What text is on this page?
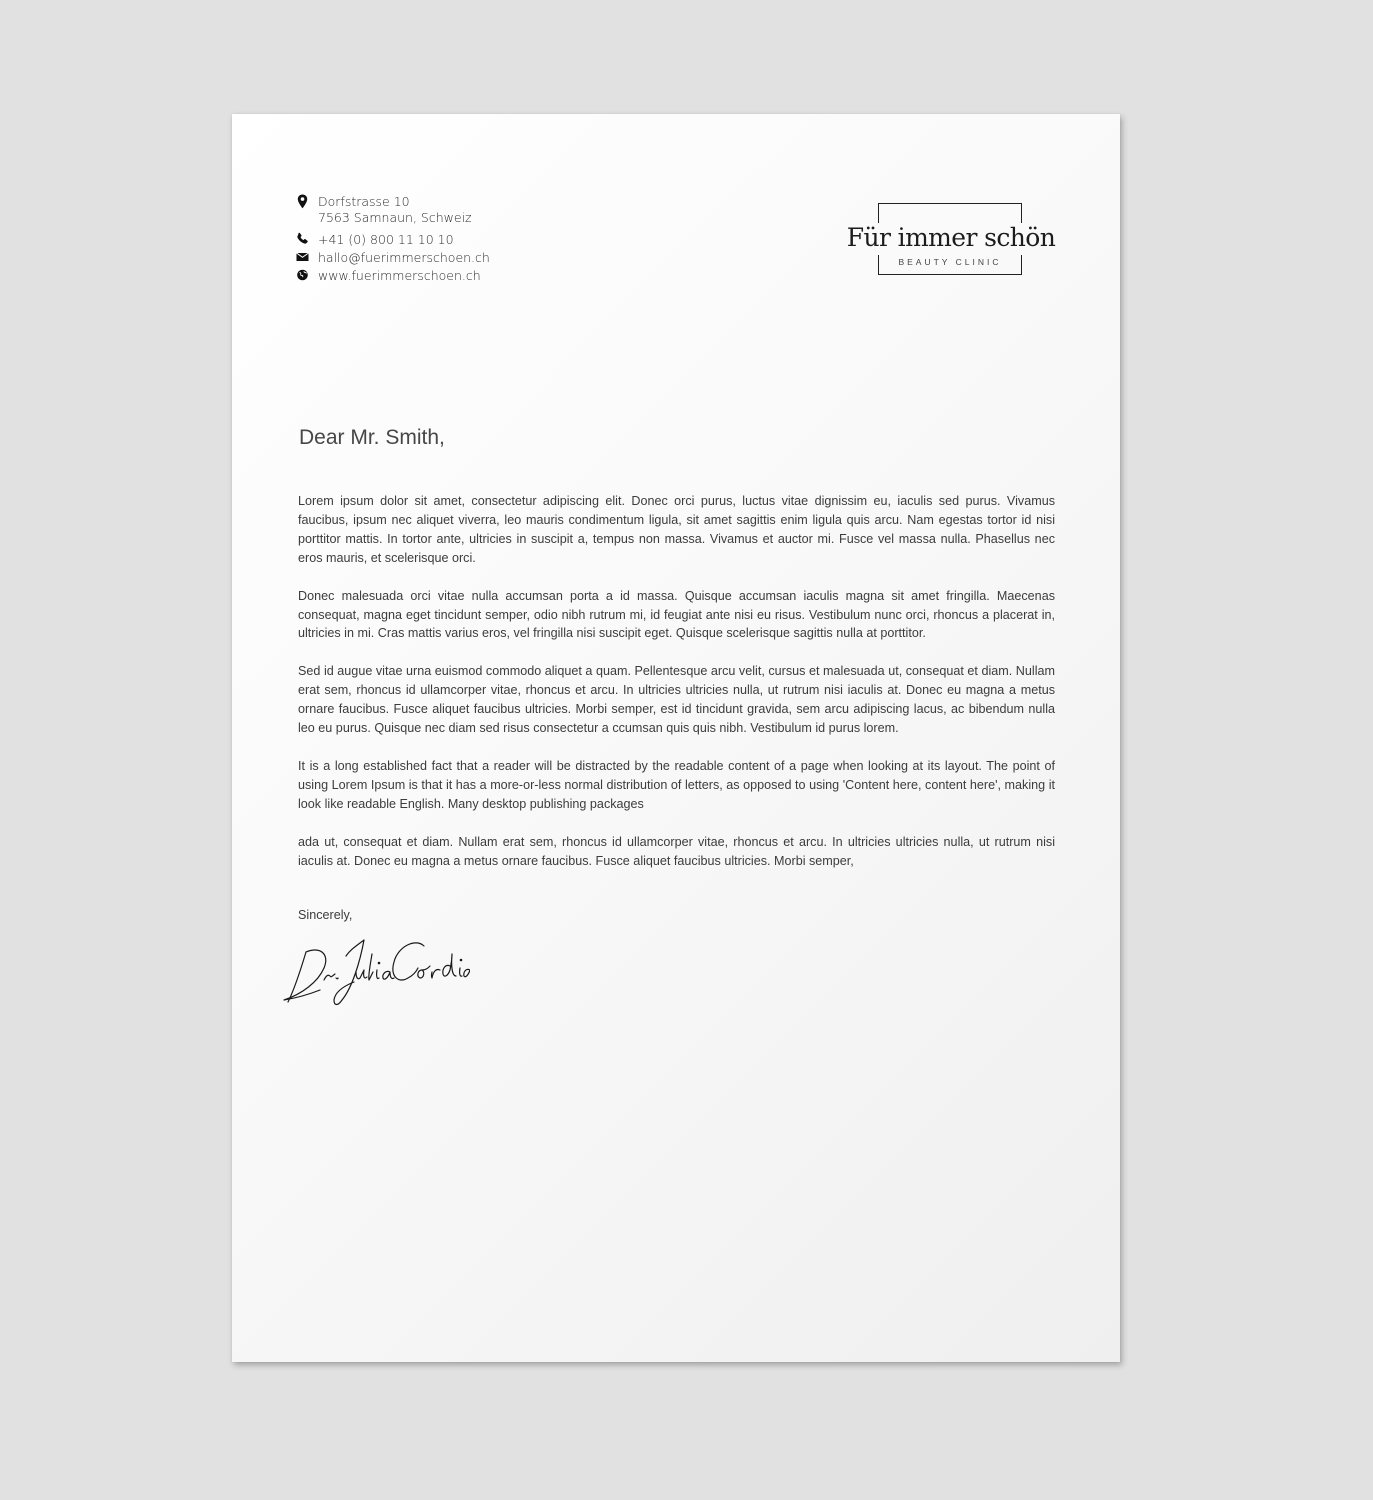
Dorfstrasse 10
7563 Samnaun, Schweiz
+41 (0) 800 11 10 10
hallo@fuerimmerschoen.ch
www.fuerimmerschoen.ch
Für immer schön
BEAUTY CLINIC
Dear Mr. Smith,

Lorem ipsum dolor sit amet, consectetur adipiscing elit. Donec orci purus, luctus vitae dignissim eu, iaculis sed purus. Vivamus faucibus, ipsum nec aliquet viverra, leo mauris condimentum ligula, sit amet sagittis enim ligula quis arcu. Nam egestas tortor id nisi porttitor mattis. In tortor ante, ultricies in suscipit a, tempus non massa. Vivamus et auctor mi. Fusce vel massa nulla. Phasellus nec eros mauris, et scelerisque orci.

Donec malesuada orci vitae nulla accumsan porta a id massa. Quisque accumsan iaculis magna sit amet fringilla. Maecenas consequat, magna eget tincidunt semper, odio nibh rutrum mi, id feugiat ante nisi eu risus. Vestibulum nunc orci, rhoncus a placerat in, ultricies in mi. Cras mattis varius eros, vel fringilla nisi suscipit eget. Quisque scelerisque sagittis nulla at porttitor.

Sed id augue vitae urna euismod commodo aliquet a quam. Pellentesque arcu velit, cursus et malesuada ut, consequat et diam. Nullam erat sem, rhoncus id ullamcorper vitae, rhoncus et arcu. In ultricies ultricies nulla, ut rutrum nisi iaculis at. Donec eu magna a metus ornare faucibus. Fusce aliquet faucibus ultricies. Morbi semper, est id tincidunt gravida, sem arcu adipiscing lacus, ac bibendum nulla leo eu purus. Quisque nec diam sed risus consectetur a ccumsan quis quis nibh. Vestibulum id purus lorem.

It is a long established fact that a reader will be distracted by the readable content of a page when looking at its layout. The point of using Lorem Ipsum is that it has a more-or-less normal distribution of letters, as opposed to using 'Content here, content here', making it look like readable English. Many desktop publishing packages

ada ut, consequat et diam. Nullam erat sem, rhoncus id ullamcorper vitae, rhoncus et arcu. In ultricies ultricies nulla, ut rutrum nisi iaculis at. Donec eu magna a metus ornare faucibus. Fusce aliquet faucibus ultricies. Morbi semper,

Sincerely,
